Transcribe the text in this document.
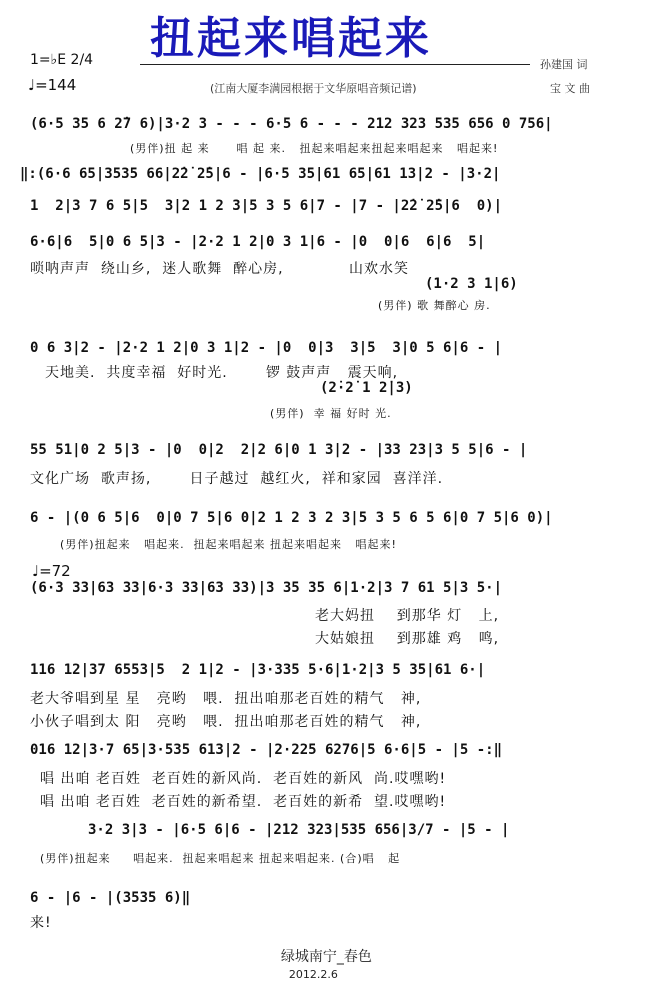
扭起来唱起来
孙建国 词
宝 文 曲
1=♭E 2/4
♩=144	(江南大厦李满园根据于文华原唱音频记谱)
(6·5 35 6 2̇7 6)|3·2 3 - - - 6·5 6 - - - 212 323 535 656 0 756|
(男伴)扭 起 来      唱 起 来.   扭起来唱起来扭起来唱起来   唱起来!
‖:(6·6 65|3535 66|2̇2̇ 2̇5|6 - |6·5 35|61 65|61 13|2 - |3·2|
1  2|3 7 6 5|5  3|2 1 2 3|5 3 5 6|7 - |7 - |2̇2̇ 2̇5|6  0)|
6·6|6  5|0 6 5|3 - |2·2 1 2|0 3 1|6 - |0  0|6  6|6  5|
唢呐声声  绕山乡,  迷人歌舞  醉心房,            山欢水笑
(1·2 3 1|6)
(男伴) 歌 舞醉心 房.
0 6 3|2 - |2·2 1 2|0 3 1|2 - |0  0|3  3|5  3|0 5 6|6 - |
天地美.  共度幸福  好时光.       锣 鼓声声   震天响,
(2̇·2̇ 1 2̇|3)
(男伴)  幸 福 好时 光.
55 51|0 2 5|3 - |0  0|2  2|2 6|0 1 3|2 - |33 23|3 5 5|6 - |
文化广场  歌声扬,       日子越过  越红火,  祥和家园  喜洋洋.
6 - |(0 6 5|6  0|0 7 5|6 0|2 1 2 3 2 3|5 3 5 6 5 6|0 7 5|6 0)|
(男伴)扭起来   唱起来.  扭起来唱起来 扭起来唱起来   唱起来!
♩=72
(6·3 33|63 33|6·3 33|63 33)|3 35 35 6|1·2|3 7 61 5|3 5·|
老大妈扭    到那华 灯   上,
大姑娘扭    到那雄 鸡   鸣,
116 12|37 6553|5  2 1|2 - |3·335 5·6|1·2|3 5 35|61 6·|
老大爷唱到星 星   亮哟   喂.  扭出咱那老百姓的精气   神,
小伙子唱到太 阳   亮哟   喂.  扭出咱那老百姓的精气   神,
016 12|3·7 65|3·535 613|2 - |2·225 6276|5 6·6|5 - |5 -:‖
唱 出咱 老百姓  老百姓的新风尚.  老百姓的新风  尚.哎嘿哟!
唱 出咱 老百姓  老百姓的新希望.  老百姓的新希  望.哎嘿哟!
3·2 3|3 - |6·5 6|6 - |212 323|535 656|3/7 - |5 - |
(男伴)扭起来     唱起来.  扭起来唱起来 扭起来唱起来. (合)唱   起
6 - |6 - |(3535 6)‖
来!

绿城南宁_春色
2012.2.6
